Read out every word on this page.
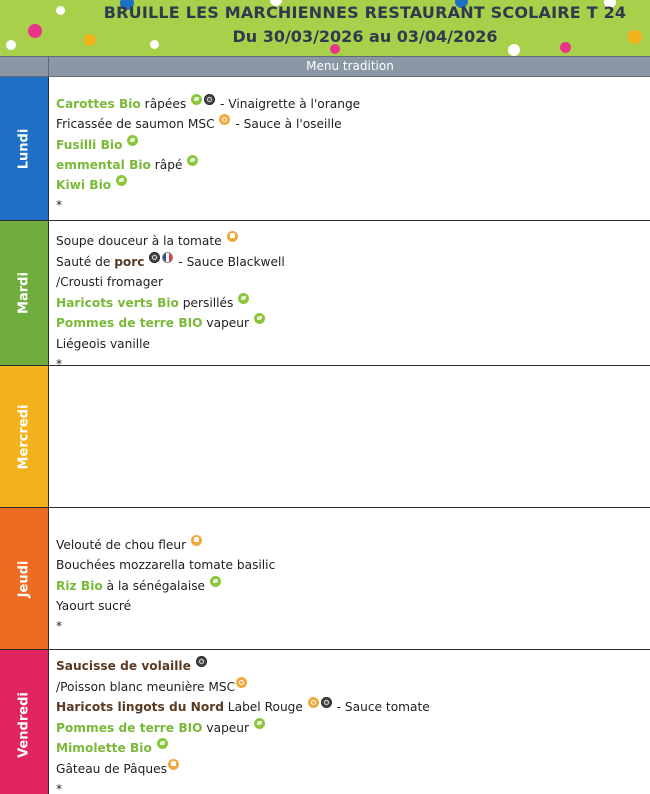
BRUILLE LES MARCHIENNES RESTAURANT SCOLAIRE T 24
Du 30/03/2026 au 03/04/2026
Menu tradition
Lundi
Carottes Bio râpées  - Vinaigrette à l'orange
Fricassée de saumon MSC  - Sauce à l'oseille
Fusilli Bio
emmental Bio râpé
Kiwi Bio
*
Mardi
Soupe douceur à la tomate
Sauté de porc  - Sauce Blackwell
/Crousti fromager
Haricots verts Bio persillés
Pommes de terre BIO vapeur
Liégeois vanille
*
Mercredi
Jeudi
Velouté de chou fleur
Bouchées mozzarella tomate basilic
Riz Bio à la sénégalaise
Yaourt sucré
*
Vendredi
Saucisse de volaille
/Poisson blanc meunière MSC
Haricots lingots du Nord Label Rouge  - Sauce tomate
Pommes de terre BIO vapeur
Mimolette Bio
Gâteau de Pâques
*
